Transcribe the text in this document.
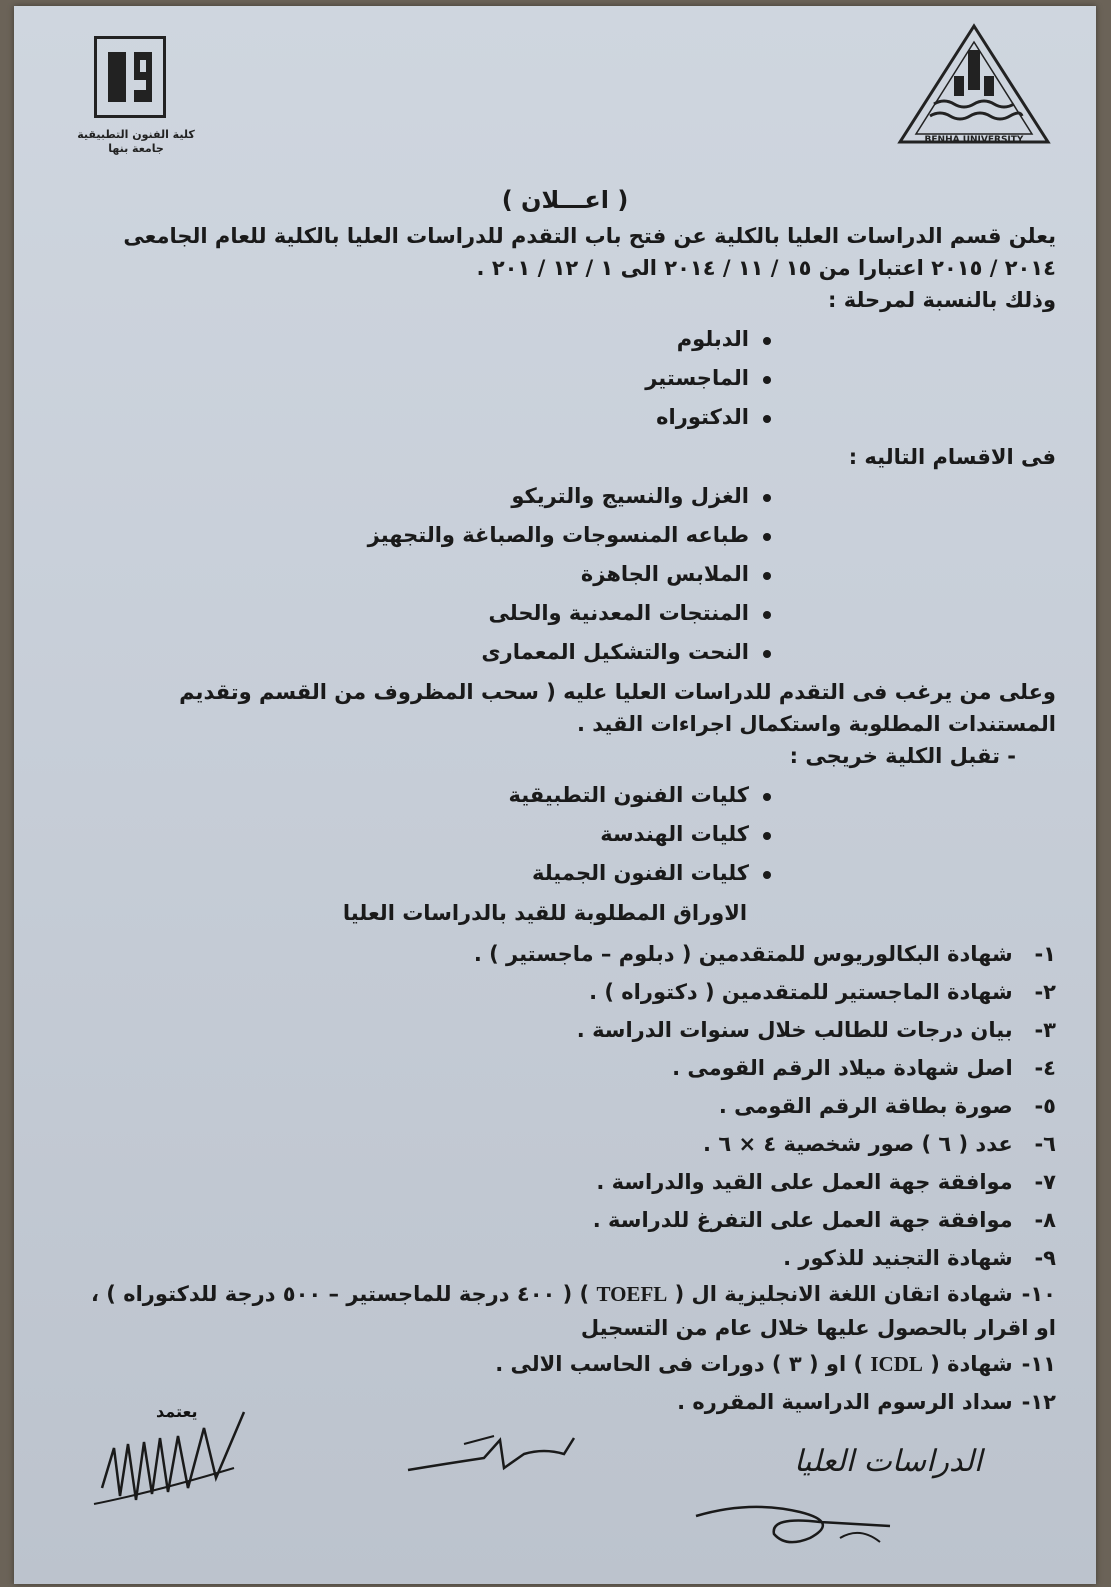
كلية الفنون التطبيقية
جامعة بنها
BENHA UNIVERSITY
( اعـــلان )

يعلن قسم الدراسات العليا بالكلية عن فتح باب التقدم للدراسات العليا بالكلية للعام الجامعى ٢٠١٤ / ٢٠١٥ اعتبارا من ١٥ / ١١ / ٢٠١٤ الى ١ / ١٢ / ٢٠١ .

وذلك بالنسبة لمرحلة :

الدبلوم
الماجستير
الدكتوراه

فى الاقسام التاليه :

الغزل والنسيج والتريكو
طباعه المنسوجات والصباغة والتجهيز
الملابس الجاهزة
المنتجات المعدنية والحلى
النحت والتشكيل المعمارى

وعلى من يرغب فى التقدم للدراسات العليا عليه ( سحب المظروف من القسم وتقديم المستندات المطلوبة واستكمال اجراءات القيد .

- تقبل الكلية خريجى :

كليات الفنون التطبيقية
كليات الهندسة
كليات الفنون الجميلة

الاوراق المطلوبة للقيد بالدراسات العليا

١- شهادة البكالوريوس للمتقدمين ( دبلوم – ماجستير ) .
٢- شهادة الماجستير للمتقدمين ( دكتوراه ) .
٣- بيان درجات للطالب خلال سنوات الدراسة .
٤- اصل شهادة ميلاد الرقم القومى .
٥- صورة بطاقة الرقم القومى .
٦- عدد ( ٦ ) صور شخصية ٤ × ٦ .
٧- موافقة جهة العمل على القيد والدراسة .
٨- موافقة جهة العمل على التفرغ للدراسة .
٩- شهادة التجنيد للذكور .
١٠- شهادة اتقان اللغة الانجليزية ال ( TOEFL ) ( ٤٠٠ درجة للماجستير – ٥٠٠ درجة للدكتوراه ) ، او اقرار بالحصول عليها خلال عام من التسجيل
١١- شهادة ( ICDL ) او ( ٣ ) دورات فى الحاسب الالى .
١٢- سداد الرسوم الدراسية المقرره .
يعتمد
الدراسات العليا
